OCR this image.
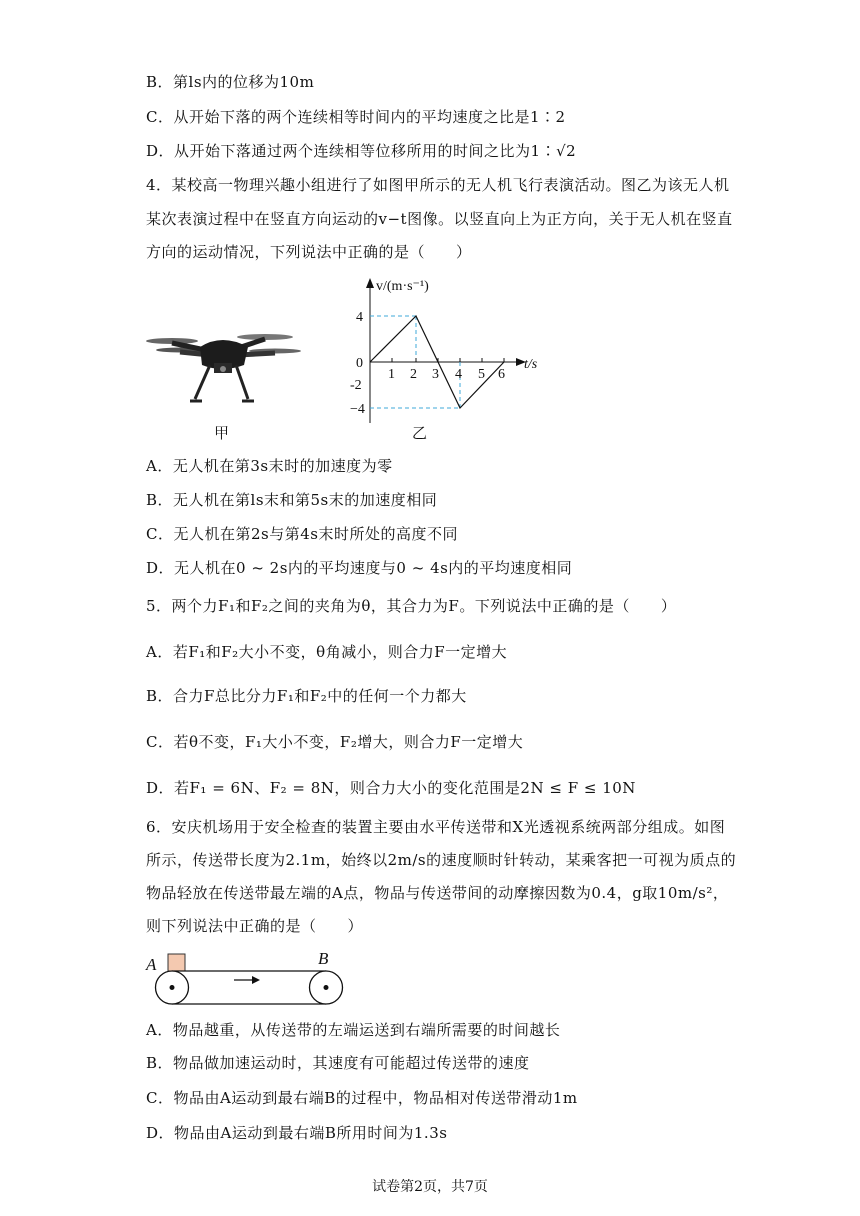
B．第ls内的位移为10m
C．从开始下落的两个连续相等时间内的平均速度之比是1∶2
D．从开始下落通过两个连续相等位移所用的时间之比为1∶√2
4．某校高一物理兴趣小组进行了如图甲所示的无人机飞行表演活动。图乙为该无人机
某次表演过程中在竖直方向运动的v−t图像。以竖直向上为正方向，关于无人机在竖直
方向的运动情况，下列说法中正确的是（　　）
甲
v/(m·s⁻¹)
t/s
4
0
-2
−4
1 2 3 4 5 6
乙
A．无人机在第3s末时的加速度为零
B．无人机在第ls末和第5s末的加速度相同
C．无人机在第2s与第4s末时所处的高度不同
D．无人机在0 ~ 2s内的平均速度与0 ~ 4s内的平均速度相同
5．两个力F₁和F₂之间的夹角为θ，其合力为F。下列说法中正确的是（　　）
A．若F₁和F₂大小不变，θ角减小，则合力F一定增大
B．合力F总比分力F₁和F₂中的任何一个力都大
C．若θ不变，F₁大小不变，F₂增大，则合力F一定增大
D．若F₁ = 6N、F₂ = 8N，则合力大小的变化范围是2N ≤ F ≤ 10N
6．安庆机场用于安全检查的装置主要由水平传送带和X光透视系统两部分组成。如图
所示，传送带长度为2.1m，始终以2m/s的速度顺时针转动，某乘客把一可视为质点的
物品轻放在传送带最左端的A点，物品与传送带间的动摩擦因数为0.4，g取10m/s²，
则下列说法中正确的是（　　）
A	B
A．物品越重，从传送带的左端运送到右端所需要的时间越长
B．物品做加速运动时，其速度有可能超过传送带的速度
C．物品由A运动到最右端B的过程中，物品相对传送带滑动1m
D．物品由A运动到最右端B所用时间为1.3s
试卷第2页，共7页
